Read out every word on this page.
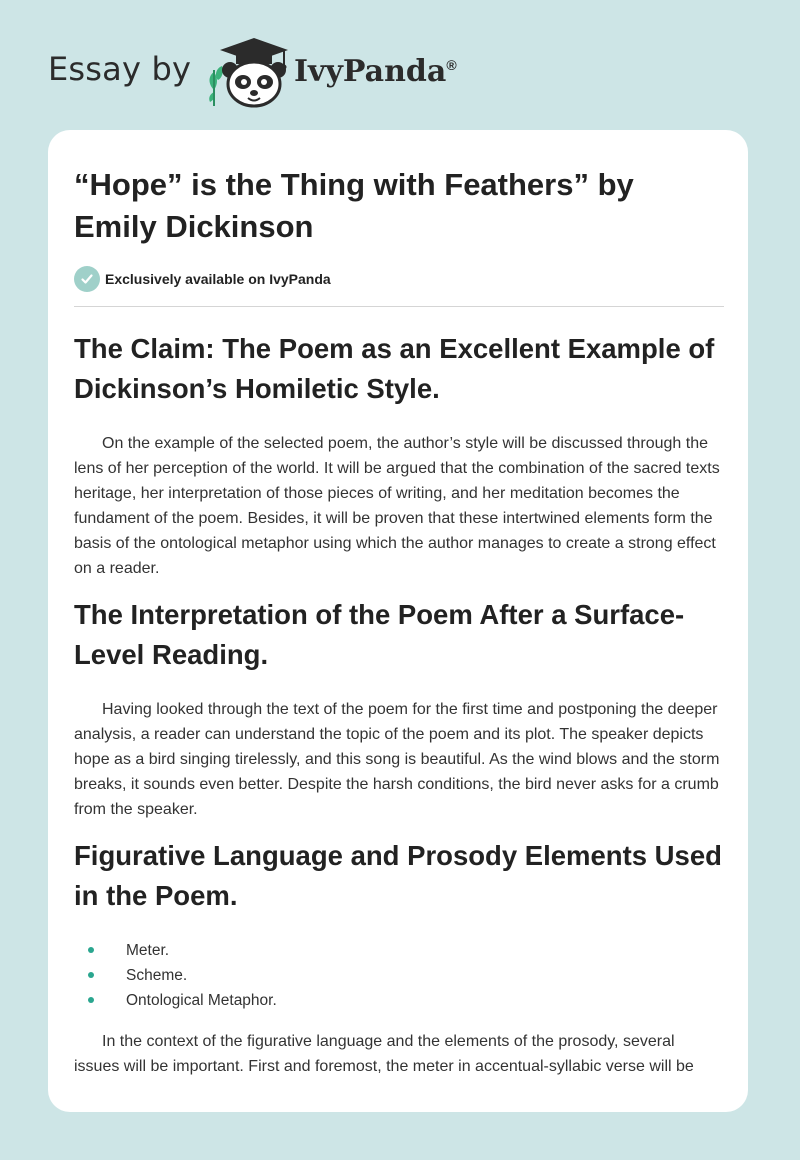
Essay by	IvyPanda®
“Hope” is the Thing with Feathers” by Emily Dickinson
Exclusively available on IvyPanda
The Claim: The Poem as an Excellent Example of Dickinson’s Homiletic Style.

On the example of the selected poem, the author’s style will be discussed through the lens of her perception of the world. It will be argued that the combination of the sacred texts heritage, her interpretation of those pieces of writing, and her meditation becomes the fundament of the poem. Besides, it will be proven that these intertwined elements form the basis of the ontological metaphor using which the author manages to create a strong effect on a reader.

The Interpretation of the Poem After a Surface-Level Reading.

Having looked through the text of the poem for the first time and postponing the deeper analysis, a reader can understand the topic of the poem and its plot. The speaker depicts hope as a bird singing tirelessly, and this song is beautiful. As the wind blows and the storm breaks, it sounds even better. Despite the harsh conditions, the bird never asks for a crumb from the speaker.

Figurative Language and Prosody Elements Used in the Poem.
Meter.
Scheme.
Ontological Metaphor.

In the context of the figurative language and the elements of the prosody, several issues will be important. First and foremost, the meter in accentual-syllabic verse will be
